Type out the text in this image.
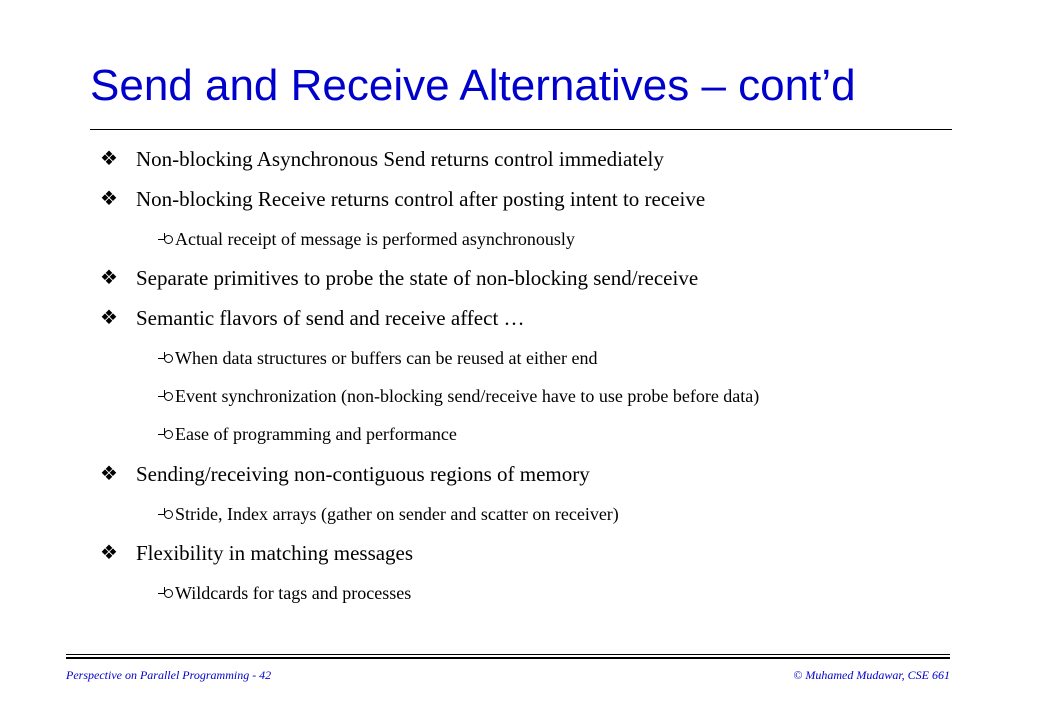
Send and Receive Alternatives – cont’d
❖ Non-blocking Asynchronous Send returns control immediately
❖ Non-blocking Receive returns control after posting intent to receive
Actual receipt of message is performed asynchronously
❖ Separate primitives to probe the state of non-blocking send/receive
❖ Semantic flavors of send and receive affect …
When data structures or buffers can be reused at either end
Event synchronization (non-blocking send/receive have to use probe before data)
Ease of programming and performance
❖ Sending/receiving non-contiguous regions of memory
Stride, Index arrays (gather on sender and scatter on receiver)
❖ Flexibility in matching messages
Wildcards for tags and processes
Perspective on Parallel Programming - 42	© Muhamed Mudawar, CSE 661
